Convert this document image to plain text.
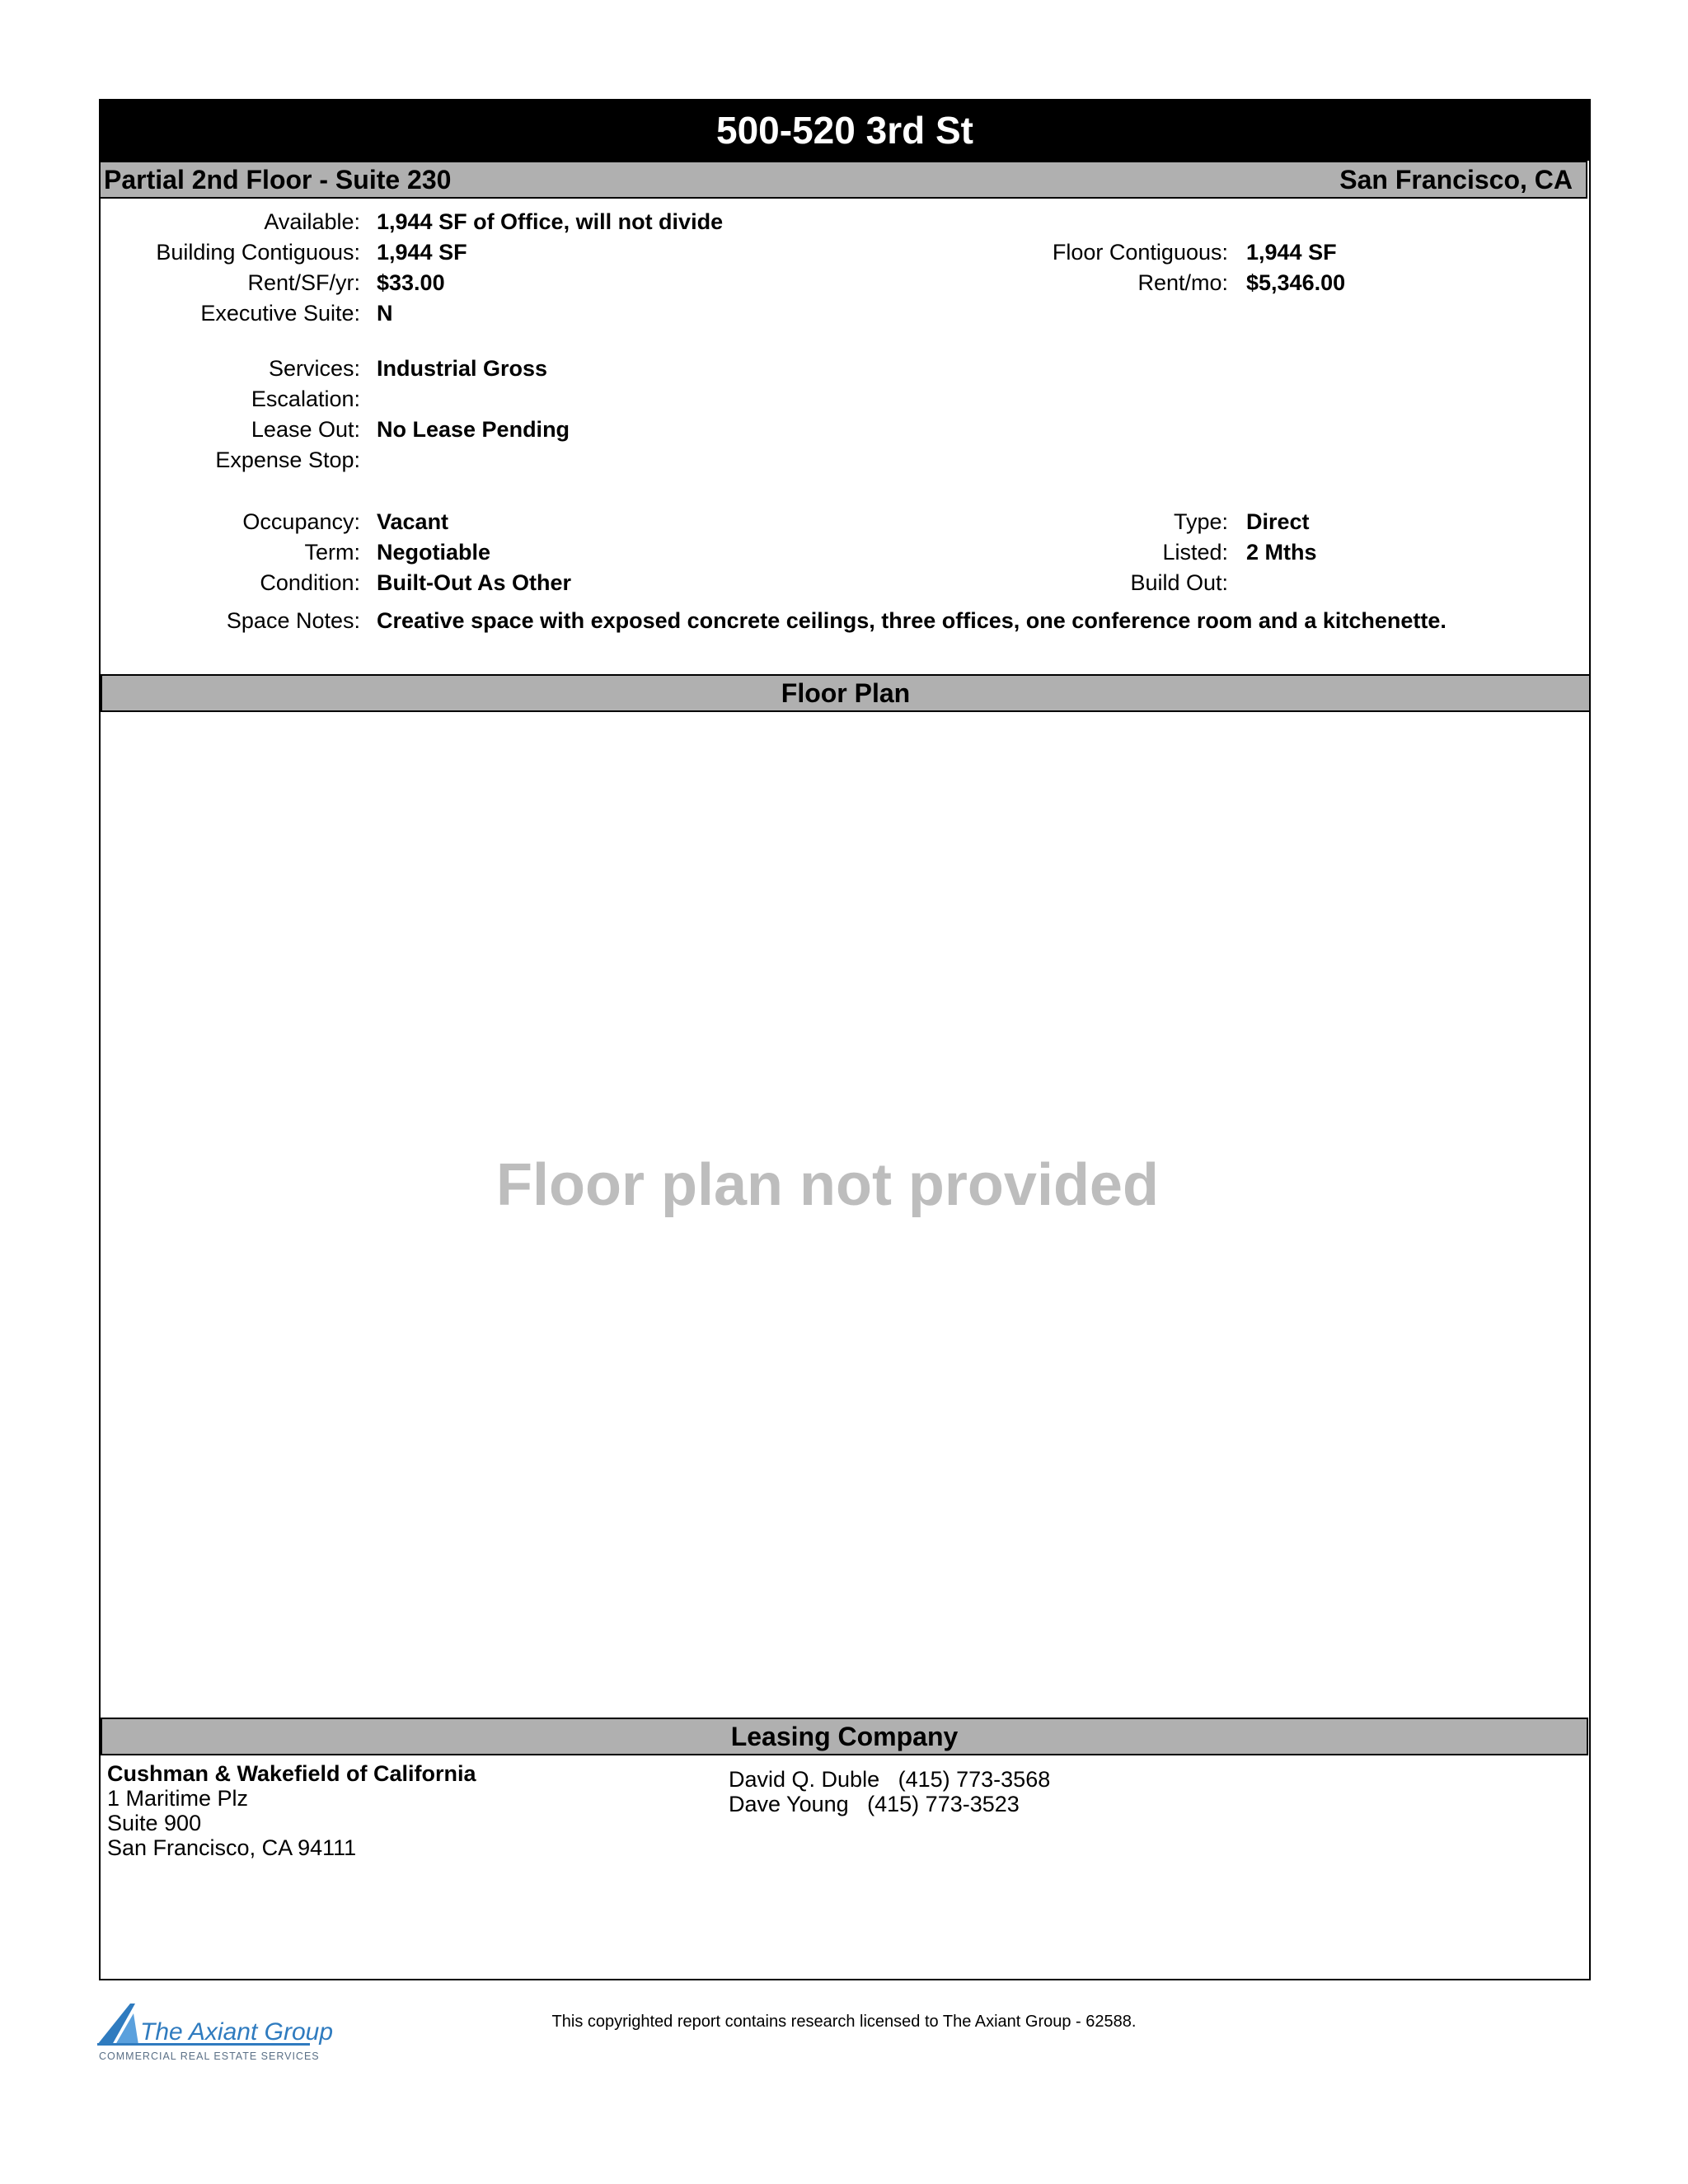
500-520 3rd St
Partial 2nd Floor - Suite 230	San Francisco, CA
Available: 1,944 SF of Office, will not divide
Building Contiguous: 1,944 SF	Floor Contiguous: 1,944 SF
Rent/SF/yr: $33.00	Rent/mo: $5,346.00
Executive Suite: N
Services: Industrial Gross
Escalation:
Lease Out: No Lease Pending
Expense Stop:
Occupancy: Vacant	Type: Direct
Term: Negotiable	Listed: 2 Mths
Condition: Built-Out As Other	Build Out:
Space Notes: Creative space with exposed concrete ceilings, three offices, one conference room and a kitchenette.
Floor Plan
Floor plan not provided
Leasing Company
Cushman & Wakefield of California
1 Maritime Plz
Suite 900
San Francisco, CA 94111
David Q. Duble   (415) 773-3568
Dave Young   (415) 773-3523
The Axiant Group
COMMERCIAL REAL ESTATE SERVICES
This copyrighted report contains research licensed to The Axiant Group - 62588.
